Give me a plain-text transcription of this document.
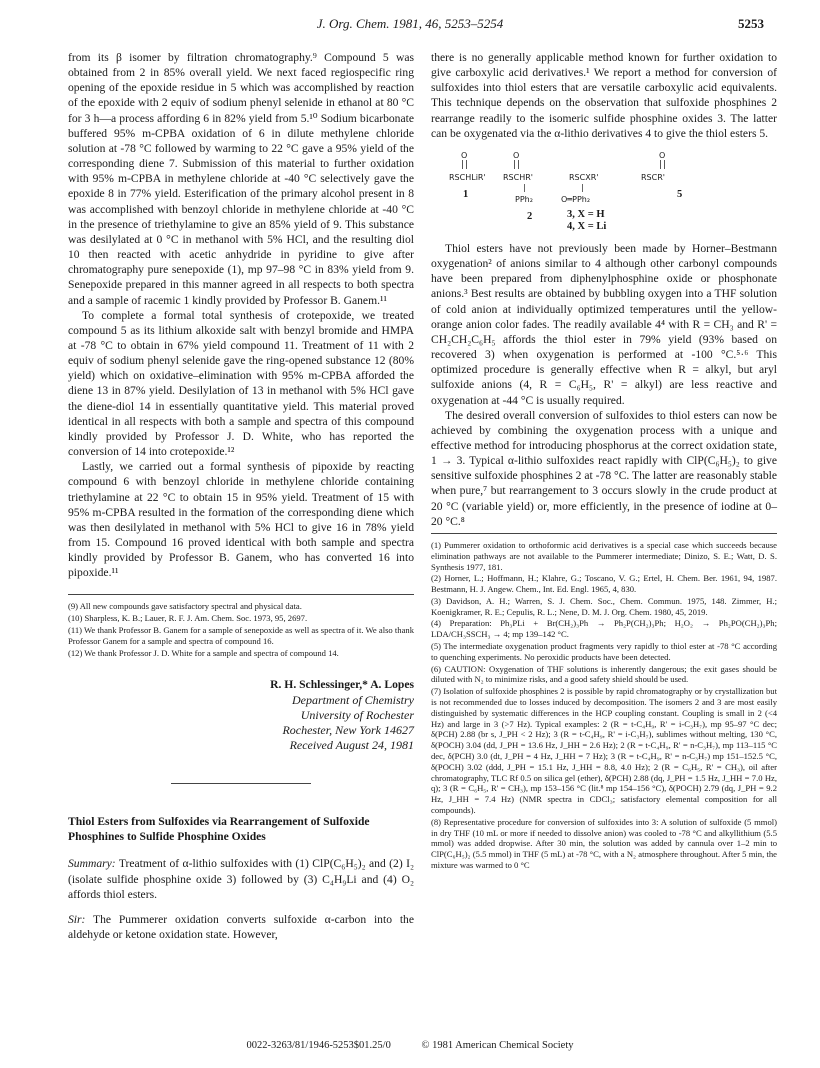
J. Org. Chem. 1981, 46, 5253–5254	5253

from its β isomer by filtration chromatography.⁹ Compound 5 was obtained from 2 in 85% overall yield. We next faced regiospecific ring opening of the epoxide residue in 5 which was accomplished by reaction of the epoxide with 2 equiv of sodium phenyl selenide in ethanol at 80 °C for 3 h—a process affording 6 in 82% yield from 5.¹⁰ Sodium bicarbonate buffered 95% m-CPBA oxidation of 6 in dilute methylene chloride solution at -78 °C followed by warming to 22 °C gave a 95% yield of the corresponding diene 7. Submission of this material to further oxidation with 95% m-CPBA in methylene chloride at -40 °C selectively gave the epoxide 8 in 77% yield. Esterification of the primary alcohol present in 8 was accomplished with benzoyl chloride in methylene chloride at -40 °C in the presence of triethylamine to give an 85% yield of 9. This substance was desilylated at 0 °C in methanol with 5% HCl, and the resulting diol 10 then reacted with acetic anhydride in pyridine to give after chromatography pure senepoxide (1), mp 97–98 °C in 83% yield from 9. Senepoxide prepared in this manner agreed in all respects to both spectra and a sample of racemic 1 kindly provided by Professor B. Ganem.¹¹

To complete a formal total synthesis of crotepoxide, we treated compound 5 as its lithium alkoxide salt with benzyl bromide and HMPA at -78 °C to obtain in 67% yield compound 11. Treatment of 11 with 2 equiv of sodium phenyl selenide gave the ring-opened substance 12 (80% yield) which on oxidative–elimination with 95% m-CPBA afforded the diene 13 in 87% yield. Desilylation of 13 in methanol with 5% HCl gave the diene-diol 14 in essentially quantitative yield. This material proved identical in all respects with both a sample and spectra of this compound kindly provided by Professor J. D. White, who has reported the conversion of 14 into crotepoxide.¹²

Lastly, we carried out a formal synthesis of pipoxide by reacting compound 6 with benzoyl chloride in methylene chloride containing triethylamine at 22 °C to obtain 15 in 95% yield. Treatment of 15 with 95% m-CPBA resulted in the formation of the corresponding diene which was then desilylated in methanol with 5% HCl to give 16 in 78% yield from 15. Compound 16 proved identical with both sample and spectra kindly provided by Professor B. Ganem, who has converted 16 into pipoxide.¹¹

(9) All new compounds gave satisfactory spectral and physical data.

(10) Sharpless, K. B.; Lauer, R. F. J. Am. Chem. Soc. 1973, 95, 2697.

(11) We thank Professor B. Ganem for a sample of senepoxide as well as spectra of it. We also thank Professor Ganem for a sample and spectra of compound 16.

(12) We thank Professor J. D. White for a sample and spectra of compound 14.

R. H. Schlessinger,* A. Lopes
Department of Chemistry
University of Rochester
Rochester, New York 14627
Received August 24, 1981
Thiol Esters from Sulfoxides via Rearrangement of Sulfoxide Phosphines to Sulfide Phosphine Oxides
Summary: Treatment of α-lithio sulfoxides with (1) ClP(C₆H₅)₂ and (2) I₂ (isolate sulfide phosphine oxide 3) followed by (3) C₄H₉Li and (4) O₂ affords thiol esters.
Sir: The Pummerer oxidation converts sulfoxide α-carbon into the aldehyde or ketone oxidation state. However,

there is no generally applicable method known for further oxidation to give carboxylic acid derivatives.¹ We report a method for conversion of sulfoxides into thiol esters that are versatile carboxylic acid equivalents. This technique depends on the observation that sulfoxide phosphines 2 rearrange readily to the isomeric sulfide phosphine oxides 3. The latter can be oxygenated via the α-lithio derivatives 4 to give the thiol esters 5.

O
||
RSCHLiR'
1
O
||
RSCHR'
|
PPh₂
2
RSCXR'
|
O═PPh₂
3, X = H
4, X = Li
O
||
RSCR'
5

Thiol esters have not previously been made by Horner–Bestmann oxygenation² of anions similar to 4 although other carbonyl compounds have been prepared from diphenylphosphine oxide or phosphonate anions.³ Best results are obtained by bubbling oxygen into a THF solution of cold anion at individually optimized temperatures until the yellow-orange anion color fades. The readily available 4⁴ with R = CH₃ and R' = CH₂CH₂C₆H₅ affords the thiol ester in 79% yield (93% based on recovered 3) when oxygenation is performed at -100 °C.⁵·⁶ This optimized procedure is generally effective when R = alkyl, but aryl sulfoxide anions (4, R = C₆H₅, R' = alkyl) are less reactive and oxygenation at -44 °C is usually required.

The desired overall conversion of sulfoxides to thiol esters can now be achieved by combining the oxygenation process with a unique and effective method for introducing phosphorus at the correct oxidation state, 1 → 3. Typical α-lithio sulfoxides react rapidly with ClP(C₆H₅)₂ to give sensitive sulfoxide phosphines 2 at -78 °C. The latter are reasonably stable when pure,⁷ but rearrangement to 3 occurs slowly in the crude product at 20 °C (variable yield) or, more efficiently, in the presence of iodine at 0–20 °C.⁸

(1) Pummerer oxidation to orthoformic acid derivatives is a special case which succeeds because elimination pathways are not available to the Pummerer intermediate; Dinizo, S. E.; Watt, D. S. Synthesis 1977, 181.

(2) Horner, L.; Hoffmann, H.; Klahre, G.; Toscano, V. G.; Ertel, H. Chem. Ber. 1961, 94, 1987. Bestmann, H. J. Angew. Chem., Int. Ed. Engl. 1965, 4, 830.

(3) Davidson, A. H.; Warren, S. J. Chem. Soc., Chem. Commun. 1975, 148. Zimmer, H.; Koenigkramer, R. E.; Cepulis, R. L.; Nene, D. M. J. Org. Chem. 1980, 45, 2019.

(4) Preparation: Ph₃PLi + Br(CH₂)₃Ph → Ph₂P(CH₂)₃Ph; H₂O₂ → Ph₂PO(CH₂)₃Ph; LDA/CH₃SSCH₃ → 4; mp 139–142 °C.

(5) The intermediate oxygenation product fragments very rapidly to thiol ester at -78 °C according to quenching experiments. No peroxidic products have been detected.

(6) CAUTION: Oxygenation of THF solutions is inherently dangerous; the exit gases should be diluted with N₂ to minimize risks, and a good safety shield should be used.

(7) Isolation of sulfoxide phosphines 2 is possible by rapid chromatography or by crystallization but is not recommended due to losses induced by decomposition. The isomers 2 and 3 are most easily distinguished by systematic differences in the HCP coupling constant. Coupling is small in 2 (<4 Hz) and large in 3 (>7 Hz). Typical examples: 2 (R = t-C₄H₉, R' = i-C₃H₇), mp 95–97 °C dec; δ(PCH) 2.88 (br s, J_PH < 2 Hz); 3 (R = t-C₄H₉, R' = i-C₃H₇), sublimes without melting, 130 °C, δ(POCH) 3.04 (dd, J_PH = 13.6 Hz, J_HH = 2.6 Hz); 2 (R = t-C₄H₉, R' = n-C₃H₇), mp 113–115 °C dec, δ(PCH) 3.0 (dt, J_PH = 4 Hz, J_HH = 7 Hz); 3 (R = t-C₄H₉, R' = n-C₃H₇) mp 151–152.5 °C, δ(POCH) 3.02 (ddd, J_PH = 15.1 Hz, J_HH = 8.8, 4.0 Hz); 2 (R = C₆H₅, R' = CH₃), oil after chromatography, TLC Rf 0.5 on silica gel (ether), δ(PCH) 2.88 (dq, J_PH = 1.5 Hz, J_HH = 7.0 Hz, q); 3 (R = C₆H₅, R' = CH₃), mp 153–156 °C (lit.⁸ mp 154–156 °C), δ(POCH) 2.79 (dq, J_PH = 9.2 Hz, J_HH = 7.4 Hz) (NMR spectra in CDCl₃; satisfactory elemental composition for all compounds).

(8) Representative procedure for conversion of sulfoxides into 3: A solution of sulfoxide (5 mmol) in dry THF (10 mL or more if needed to dissolve anion) was cooled to -78 °C and alkyllithium (5.5 mmol) was added dropwise. After 30 min, the solution was added by cannula over 1–2 min to ClP(C₆H₅)₂ (5.5 mmol) in THF (5 mL) at -78 °C, with a N₂ atmosphere throughout. After 5 min, the mixture was warmed to 0 °C

0022-3263/81/1946-5253$01.25/0	© 1981 American Chemical Society
